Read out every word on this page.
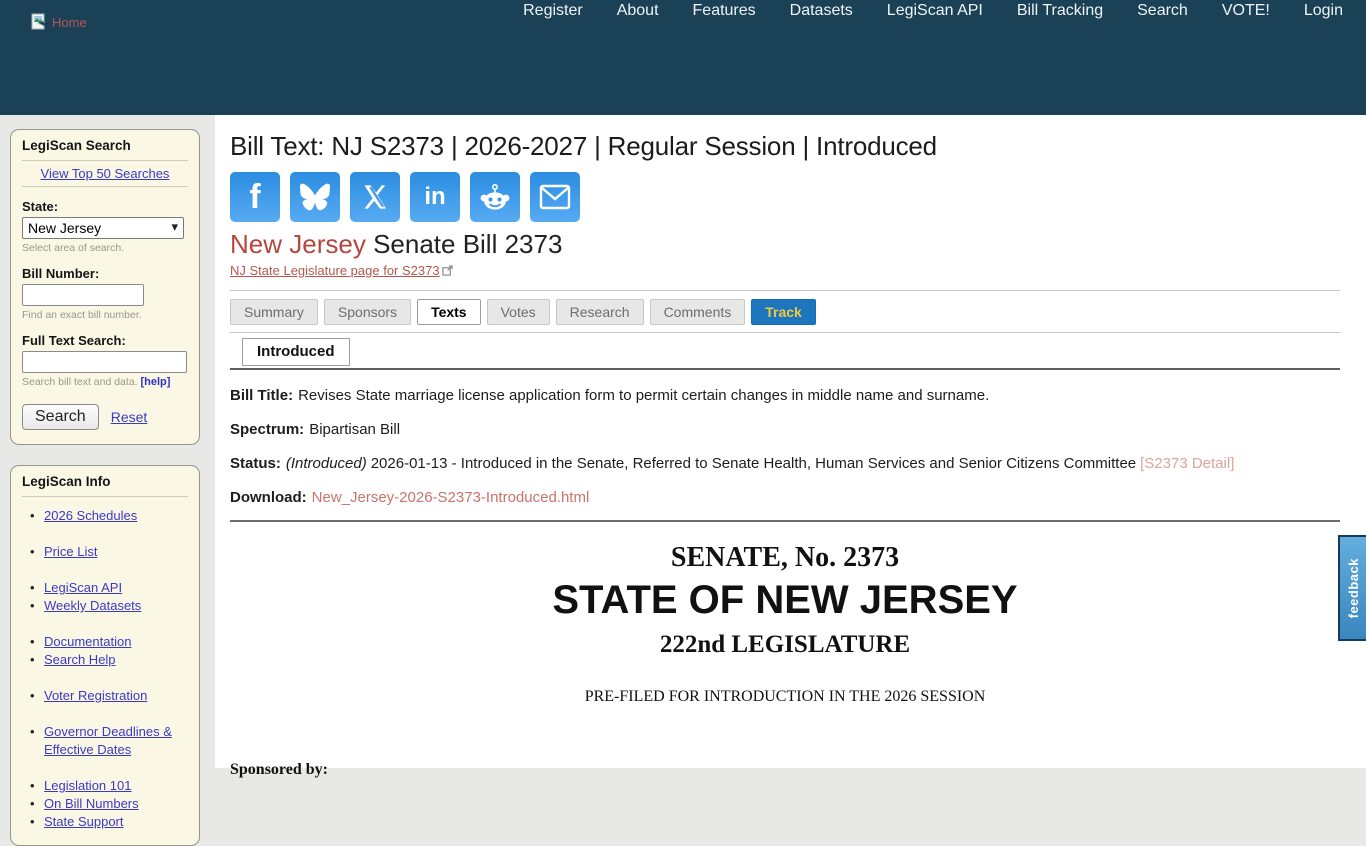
Home
Register About Features Datasets LegiScan API Bill Tracking Search VOTE! Login
LegiScan Search
View Top 50 Searches
State:
New Jersey ▾
Select area of search.
Bill Number:
Find an exact bill number.
Full Text Search:
Search bill text and data. [help]
Search	Reset
LegiScan Info
• 2026 Schedules
• Price List
• LegiScan API
• Weekly Datasets
• Documentation
• Search Help
• Voter Registration
• Governor Deadlines & Effective Dates
• Legislation 101
• On Bill Numbers
• State Support
Bill Text: NJ S2373 | 2026-2027 | Regular Session | Introduced
f	in
New Jersey Senate Bill 2373
NJ State Legislature page for S2373
Summary	Sponsors	Texts	Votes	Research	Comments	Track
Introduced

Bill Title: Revises State marriage license application form to permit certain changes in middle name and surname.

Spectrum: Bipartisan Bill

Status: (Introduced) 2026-01-13 - Introduced in the Senate, Referred to Senate Health, Human Services and Senior Citizens Committee [S2373 Detail]

Download: New_Jersey-2026-S2373-Introduced.html

SENATE, No. 2373
STATE OF NEW JERSEY
222nd LEGISLATURE
PRE-FILED FOR INTRODUCTION IN THE 2026 SESSION
Sponsored by:
feedback
